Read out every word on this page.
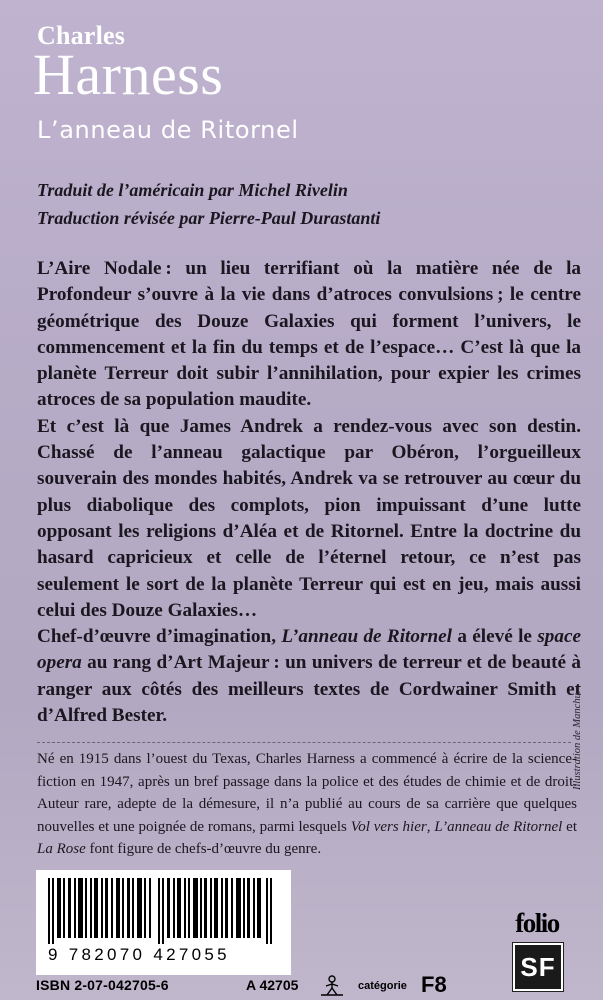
Charles
Harness
L’anneau de Ritornel
Traduit de l’américain par Michel Rivelin
Traduction révisée par Pierre-Paul Durastanti

L’Aire Nodale : un lieu terrifiant où la matière née de la Profondeur s’ouvre à la vie dans d’atroces convulsions ; le centre géométrique des Douze Galaxies qui forment l’univers, le commencement et la fin du temps et de l’espace… C’est là que la planète Terreur doit subir l’annihilation, pour expier les crimes atroces de sa population maudite.

Et c’est là que James Andrek a rendez-vous avec son destin. Chassé de l’anneau galactique par Obéron, l’orgueilleux souverain des mondes habités, Andrek va se retrouver au cœur du plus diabolique des complots, pion impuissant d’une lutte opposant les religions d’Aléa et de Ritornel. Entre la doctrine du hasard capricieux et celle de l’éternel retour, ce n’est pas seulement le sort de la planète Terreur qui est en jeu, mais aussi celui des Douze Galaxies…

Chef-d’œuvre d’imagination, L’anneau de Ritornel a élevé le space opera au rang d’Art Majeur : un univers de terreur et de beauté à ranger aux côtés des meilleurs textes de Cordwainer Smith et d’Alfred Bester.

Né en 1915 dans l’ouest du Texas, Charles Harness a commencé à écrire de la science-fiction en 1947, après un bref passage dans la police et des études de chimie et de droit. Auteur rare, adepte de la démesure, il n’a publié au cours de sa carrière que quelques nouvelles et une poignée de romans, parmi lesquels Vol vers hier, L’anneau de Ritornel et La Rose font figure de chefs-d’œuvre du genre.
Illustration de Manchu.
9 782070 427055
ISBN 2-07-042705-6	A 42705	catégorie F8
folio
SF
